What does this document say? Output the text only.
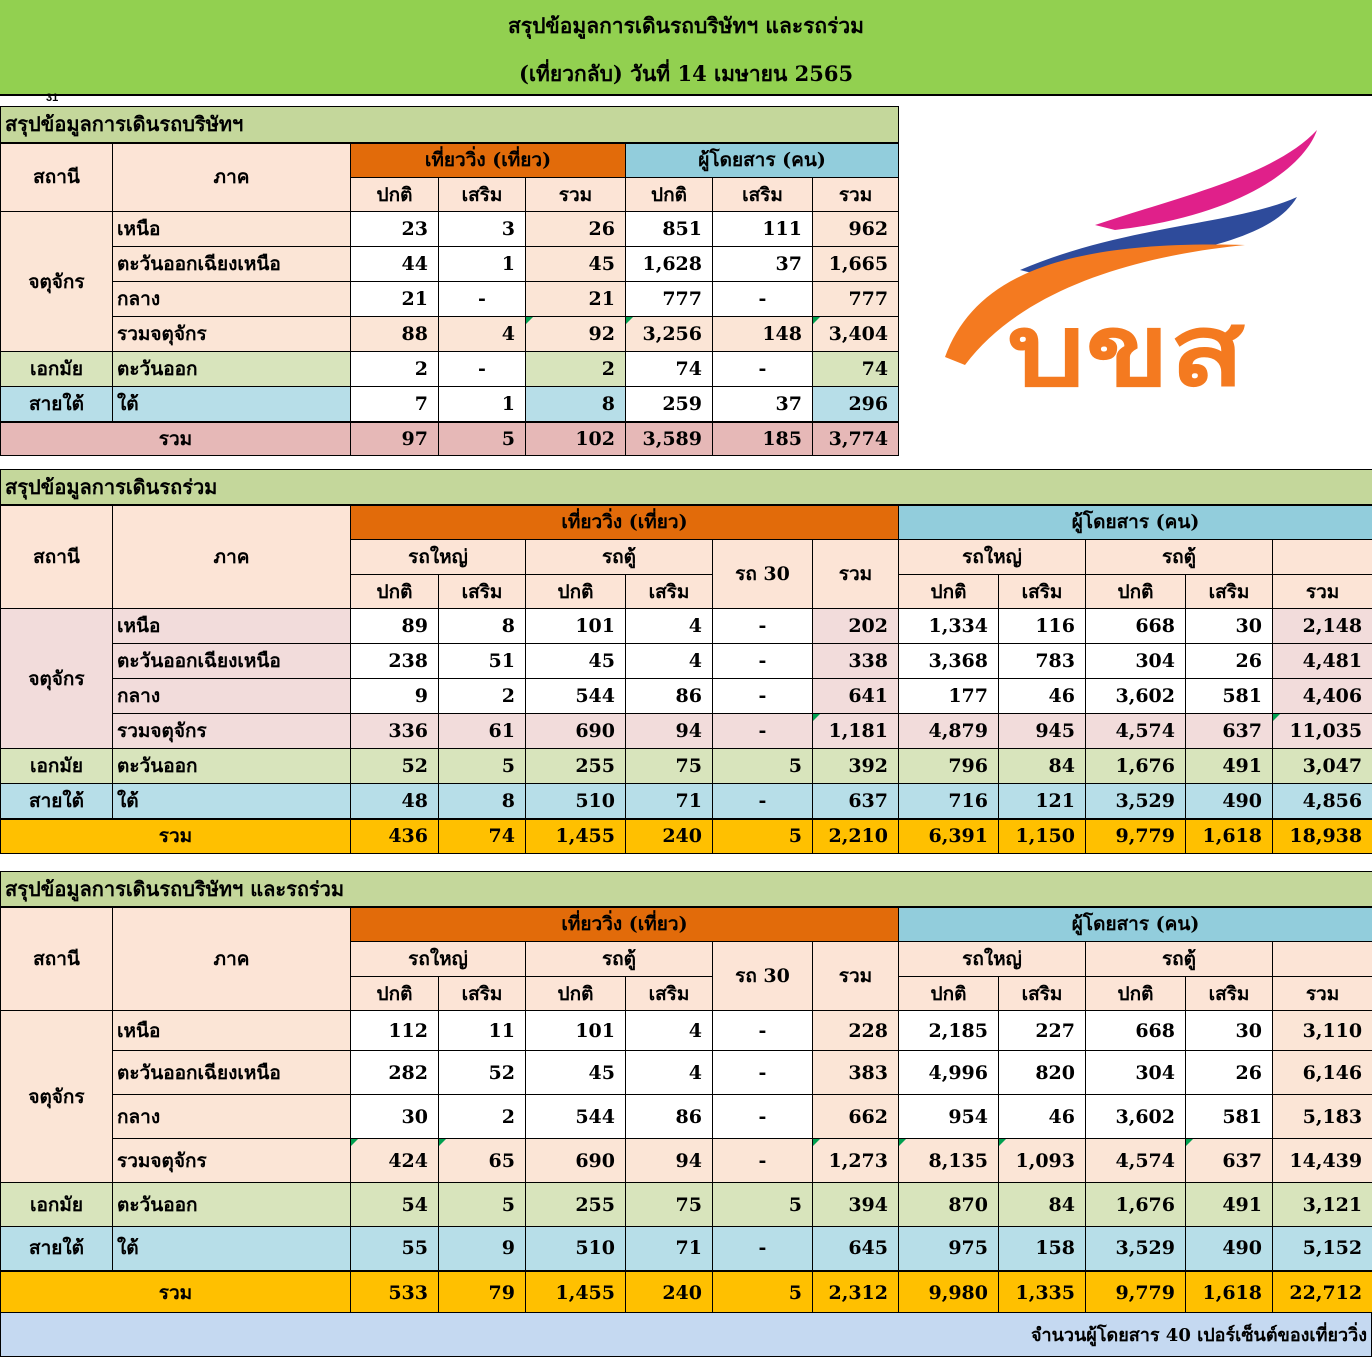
สรุปข้อมูลการเดินรถบริษัทฯ และรถร่วม
(เที่ยวกลับ) วันที่ 14 เมษายน 2565
31
สรุปข้อมูลการเดินรถบริษัทฯ							
สถานี	ภาค	เที่ยววิ่ง (เที่ยว)			ผู้โดยสาร (คน)		
		ปกติ	เสริม	รวม	ปกติ	เสริม	รวม
จตุจักร	เหนือ	23	3	26	851	111	962
	ตะวันออกเฉียงเหนือ	44	1	45	1,628	37	1,665
	กลาง	21	-	21	777	-	777
	รวมจตุจักร	88	4	92	3,256	148	3,404
เอกมัย	ตะวันออก	2	-	2	74	-	74
สายใต้	ใต้	7	1	8	259	37	296
รวม		97	5	102	3,589	185	3,774
บขส
สรุปข้อมูลการเดินรถร่วม												
สถานี	ภาค	เที่ยววิ่ง (เที่ยว)						ผู้โดยสาร (คน)				
		รถใหญ่		รถตู้		รถ 30	รวม	รถใหญ่		รถตู้		
		ปกติ	เสริม	ปกติ	เสริม			ปกติ	เสริม	ปกติ	เสริม	รวม
จตุจักร	เหนือ	89	8	101	4	-	202	1,334	116	668	30	2,148
	ตะวันออกเฉียงเหนือ	238	51	45	4	-	338	3,368	783	304	26	4,481
	กลาง	9	2	544	86	-	641	177	46	3,602	581	4,406
	รวมจตุจักร	336	61	690	94	-	1,181	4,879	945	4,574	637	11,035
เอกมัย	ตะวันออก	52	5	255	75	5	392	796	84	1,676	491	3,047
สายใต้	ใต้	48	8	510	71	-	637	716	121	3,529	490	4,856
รวม		436	74	1,455	240	5	2,210	6,391	1,150	9,779	1,618	18,938
สรุปข้อมูลการเดินรถบริษัทฯ และรถร่วม												
สถานี	ภาค	เที่ยววิ่ง (เที่ยว)						ผู้โดยสาร (คน)				
		รถใหญ่		รถตู้		รถ 30	รวม	รถใหญ่		รถตู้		
		ปกติ	เสริม	ปกติ	เสริม			ปกติ	เสริม	ปกติ	เสริม	รวม
จตุจักร	เหนือ	112	11	101	4	-	228	2,185	227	668	30	3,110
	ตะวันออกเฉียงเหนือ	282	52	45	4	-	383	4,996	820	304	26	6,146
	กลาง	30	2	544	86	-	662	954	46	3,602	581	5,183
	รวมจตุจักร	424	65	690	94	-	1,273	8,135	1,093	4,574	637	14,439
เอกมัย	ตะวันออก	54	5	255	75	5	394	870	84	1,676	491	3,121
สายใต้	ใต้	55	9	510	71	-	645	975	158	3,529	490	5,152
รวม		533	79	1,455	240	5	2,312	9,980	1,335	9,779	1,618	22,712
จำนวนผู้โดยสาร 40 เปอร์เซ็นต์ของเที่ยววิ่ง
